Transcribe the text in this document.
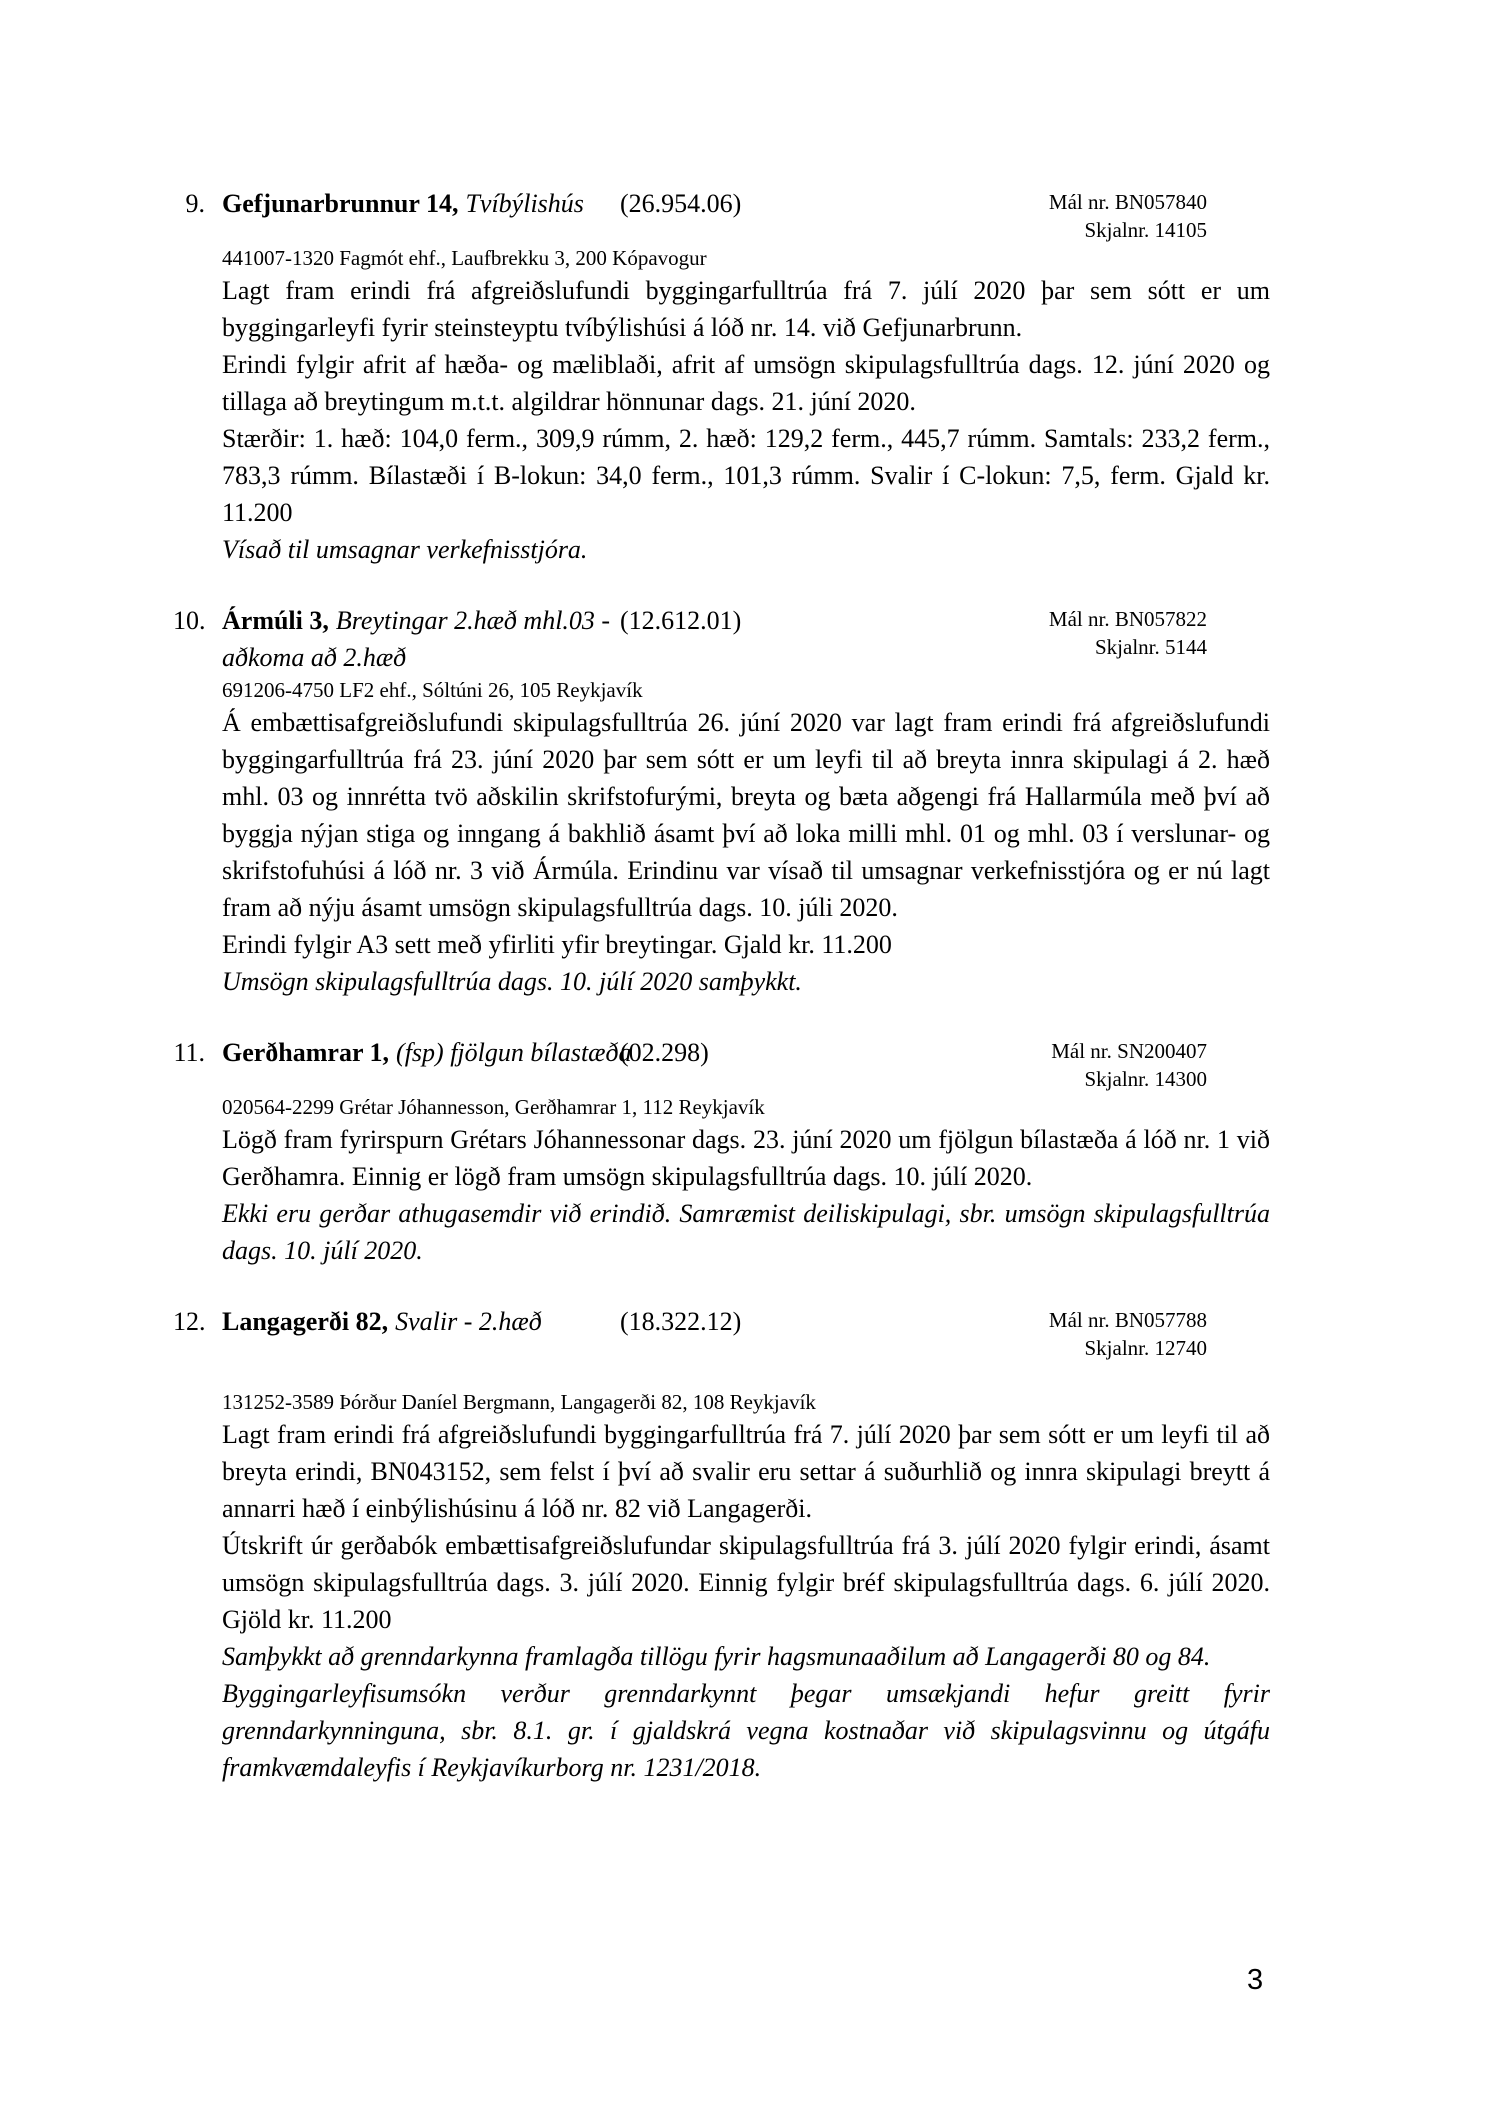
9. Gefjunarbrunnur 14, Tvíbýlishús	(26.954.06)	Mál nr. BN057840
Skjalnr. 14105
441007-1320 Fagmót ehf., Laufbrekku 3, 200 Kópavogur

Lagt fram erindi frá afgreiðslufundi byggingarfulltrúa frá 7. júlí 2020 þar sem sótt er um byggingarleyfi fyrir steinsteyptu tvíbýlishúsi á lóð nr. 14. við Gefjunarbrunn.

Erindi fylgir afrit af hæða- og mæliblaði, afrit af umsögn skipulagsfulltrúa dags. 12. júní 2020 og tillaga að breytingum m.t.t. algildrar hönnunar dags. 21. júní 2020.

Stærðir: 1. hæð: 104,0 ferm., 309,9 rúmm, 2. hæð: 129,2 ferm., 445,7 rúmm. Samtals: 233,2 ferm., 783,3 rúmm. Bílastæði í B-lokun: 34,0 ferm., 101,3 rúmm. Svalir í C-lokun: 7,5, ferm. Gjald kr. 11.200

Vísað til umsagnar verkefnisstjóra.

10. Ármúli 3, Breytingar 2.hæð mhl.03 -
aðkoma að 2.hæð
(12.612.01)	Mál nr. BN057822
Skjalnr. 5144
691206-4750 LF2 ehf., Sóltúni 26, 105 Reykjavík

Á embættisafgreiðslufundi skipulagsfulltrúa 26. júní 2020 var lagt fram erindi frá afgreiðslufundi byggingarfulltrúa frá 23. júní 2020 þar sem sótt er um leyfi til að breyta innra skipulagi á 2. hæð mhl. 03 og innrétta tvö aðskilin skrifstofurými, breyta og bæta aðgengi frá Hallarmúla með því að byggja nýjan stiga og inngang á bakhlið ásamt því að loka milli mhl. 01 og mhl. 03 í verslunar- og skrifstofuhúsi á lóð nr. 3 við Ármúla. Erindinu var vísað til umsagnar verkefnisstjóra og er nú lagt fram að nýju ásamt umsögn skipulagsfulltrúa dags. 10. júli 2020.

Erindi fylgir A3 sett með yfirliti yfir breytingar. Gjald kr. 11.200

Umsögn skipulagsfulltrúa dags. 10. júlí 2020 samþykkt.

11. Gerðhamrar 1, (fsp) fjölgun bílastæða
(02.298)	Mál nr. SN200407
Skjalnr. 14300
020564-2299 Grétar Jóhannesson, Gerðhamrar 1, 112 Reykjavík

Lögð fram fyrirspurn Grétars Jóhannessonar dags. 23. júní 2020 um fjölgun bílastæða á lóð nr. 1 við Gerðhamra. Einnig er lögð fram umsögn skipulagsfulltrúa dags. 10. júlí 2020.

Ekki eru gerðar athugasemdir við erindið. Samræmist deiliskipulagi, sbr. umsögn skipulagsfulltrúa dags. 10. júlí 2020.

12. Langagerði 82, Svalir - 2.hæð	(18.322.12)	Mál nr. BN057788
Skjalnr. 12740
131252-3589 Þórður Daníel Bergmann, Langagerði 82, 108 Reykjavík

Lagt fram erindi frá afgreiðslufundi byggingarfulltrúa frá 7. júlí 2020 þar sem sótt er um leyfi til að breyta erindi, BN043152, sem felst í því að svalir eru settar á suðurhlið og innra skipulagi breytt á annarri hæð í einbýlishúsinu á lóð nr. 82 við Langagerði.

Útskrift úr gerðabók embættisafgreiðslufundar skipulagsfulltrúa frá 3. júlí 2020 fylgir erindi, ásamt umsögn skipulagsfulltrúa dags. 3. júlí 2020. Einnig fylgir bréf skipulagsfulltrúa dags. 6. júlí 2020. Gjöld kr. 11.200

Samþykkt að grenndarkynna framlagða tillögu fyrir hagsmunaaðilum að Langagerði 80 og 84.

Byggingarleyfisumsókn verður grenndarkynnt þegar umsækjandi hefur greitt fyrir grenndarkynninguna, sbr. 8.1. gr. í gjaldskrá vegna kostnaðar við skipulagsvinnu og útgáfu framkvæmdaleyfis í Reykjavíkurborg nr. 1231/2018.

3
